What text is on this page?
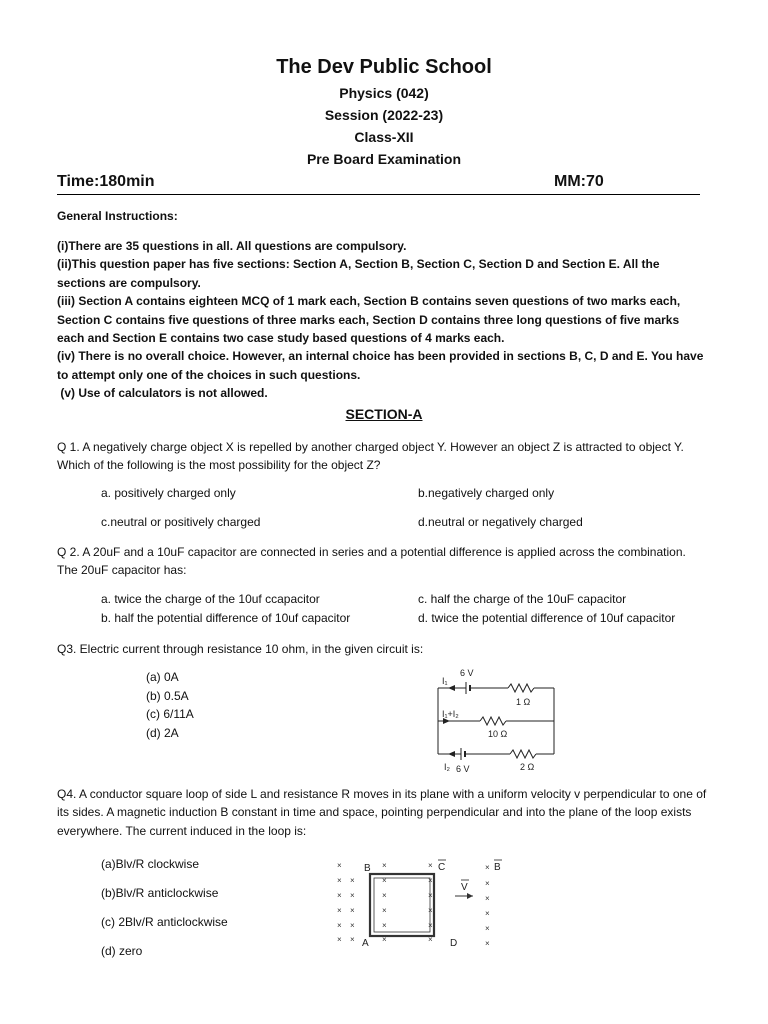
The Dev Public School
Physics (042)
Session (2022-23)
Class-XII
Pre Board Examination
Time:180min	MM:70
General Instructions:
(i)There are 35 questions in all. All questions are compulsory.
(ii)This question paper has five sections: Section A, Section B, Section C, Section D and Section E. All the sections are compulsory.
(iii) Section A contains eighteen MCQ of 1 mark each, Section B contains seven questions of two marks each, Section C contains five questions of three marks each, Section D contains three long questions of five marks each and Section E contains two case study based questions of 4 marks each.
(iv) There is no overall choice. However, an internal choice has been provided in sections B, C, D and E. You have to attempt only one of the choices in such questions.
(v) Use of calculators is not allowed.
SECTION-A
Q 1. A negatively charge object X is repelled by another charged object Y. However an object Z is attracted to object Y. Which of the following is the most possibility for the object Z?
a. positively charged only	b.negatively charged only
c.neutral or positively charged	d.neutral or negatively charged
Q 2. A 20uF and a 10uF capacitor are connected in series and a potential difference is applied across the combination. The 20uF capacitor has:
a. twice the charge of the 10uf ccapacitor
b. half the potential difference of 10uf capacitor
c. half the charge of the 10uF capacitor
d. twice the potential difference of 10uf capacitor
Q3. Electric current through resistance 10 ohm, in the given circuit is:
(a) 0A
(b) 0.5A
(c) 6/11A
(d) 2A
6 V
I₁
1 Ω
I₁+I₂
10 Ω
I₂ 6 V	2 Ω
Q4. A conductor square loop of side L and resistance R moves in its plane with a uniform velocity v perpendicular to one of its sides. A magnetic induction B constant in time and space, pointing perpendicular and into the plane of the loop exists everywhere. The current induced in the loop is:
(a)Blv/R clockwise
(b)Blv/R anticlockwise
(c) 2Blv/R anticlockwise
(d) zero
×
×
×
×
×
×
×
×
×
×
×
×
×
×
×
×	×
×
×
×
×
×
×
×
×
×
×
×
×
B	C
V
B
A	D
